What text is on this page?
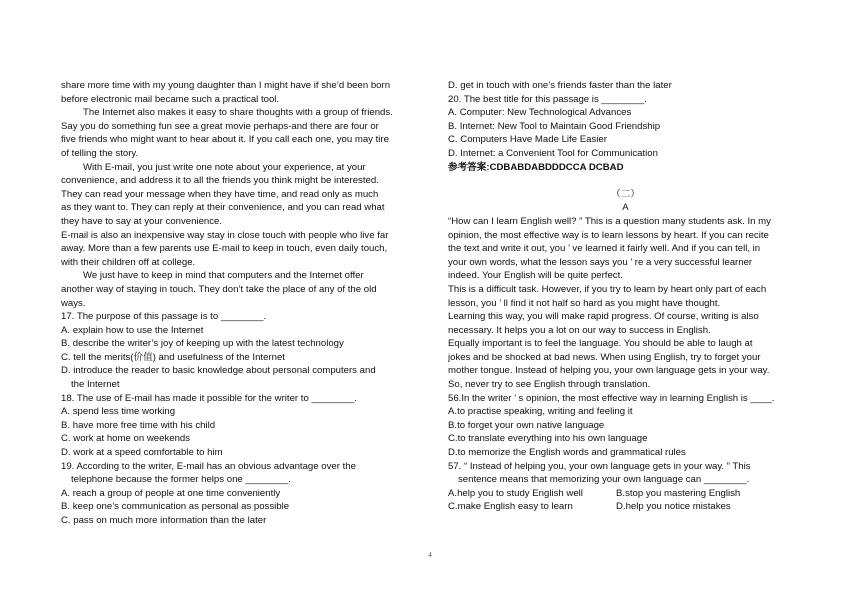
share more time with my young daughter than I might have if she’d been born
before electronic mail became such a practical tool.
The Internet also makes it easy to share thoughts with a group of friends.
Say you do something fun see a great movie perhaps-and there are four or
five friends who might want to hear about it. If you call each one, you may tire
of telling the story.
With E-mail, you just write one note about your experience, at your
convenience, and address it to all the friends you think might be interested.
They can read your message when they have time, and read only as much
as they want to. They can reply at their convenience, and you can read what
they have to say at your convenience.
E-mail is also an inexpensive way stay in close touch with people who live far
away. More than a few parents use E-mail to keep in touch, even daily touch,
with their children off at college.
We just have to keep in mind that computers and the Internet offer
another way of staying in touch. They don’t take the place of any of the old
ways.
17. The purpose of this passage is to ________.
A. explain how to use the Internet
B. describe the writer’s joy of keeping up with the latest technology
C. tell the merits(价值) and usefulness of the Internet
D. introduce the reader to basic knowledge about personal computers and
the Internet
18. The use of E-mail has made it possible for the writer to ________.
A. spend less time working
B. have more free time with his child
C. work at home on weekends
D. work at a speed comfortable to him
19. According to the writer, E-mail has an obvious advantage over the
telephone because the former helps one ________.
A. reach a group of people at one time conveniently
B. keep one’s communication as personal as possible
C. pass on much more information than the later
D. get in touch with one’s friends faster than the later
20. The best title for this passage is ________.
A. Computer: New Technological Advances
B. Internet: New Tool to Maintain Good Friendship
C. Computers Have Made Life Easier
D. Internet: a Convenient Tool for Communication
参考答案:CDBABDABDDDCCA DCBAD

（二）
A
“How can I learn English well? ” This is a question many students ask. In my
opinion, the most effective way is to learn lessons by heart. If you can recite
the text and write it out, you ’ ve learned it fairly well. And if you can tell, in
your own words, what the lesson says you ’ re a very successful learner
indeed. Your English will be quite perfect.
This is a difficult task. However, if you try to learn by heart only part of each
lesson, you ’ ll find it not half so hard as you might have thought.
Learning this way, you will make rapid progress. Of course, writing is also
necessary. It helps you a lot on our way to success in English.
Equally important is to feel the language. You should be able to laugh at
jokes and be shocked at bad news. When using English, try to forget your
mother tongue. Instead of helping you, your own language gets in your way.
So, never try to see English through translation.
56.In the writer ’ s opinion, the most effective way in learning English is ____.
A.to practise speaking, writing and feeling it
B.to forget your own native language
C.to translate everything into his own language
D.to memorize the English words and grammatical rules
57. “ Instead of helping you, your own language gets in your way. ” This
sentence means that memorizing your own language can ________.
A.help you to study English well	B.stop you mastering English
C.make English easy to learn	D.help you notice mistakes
4
